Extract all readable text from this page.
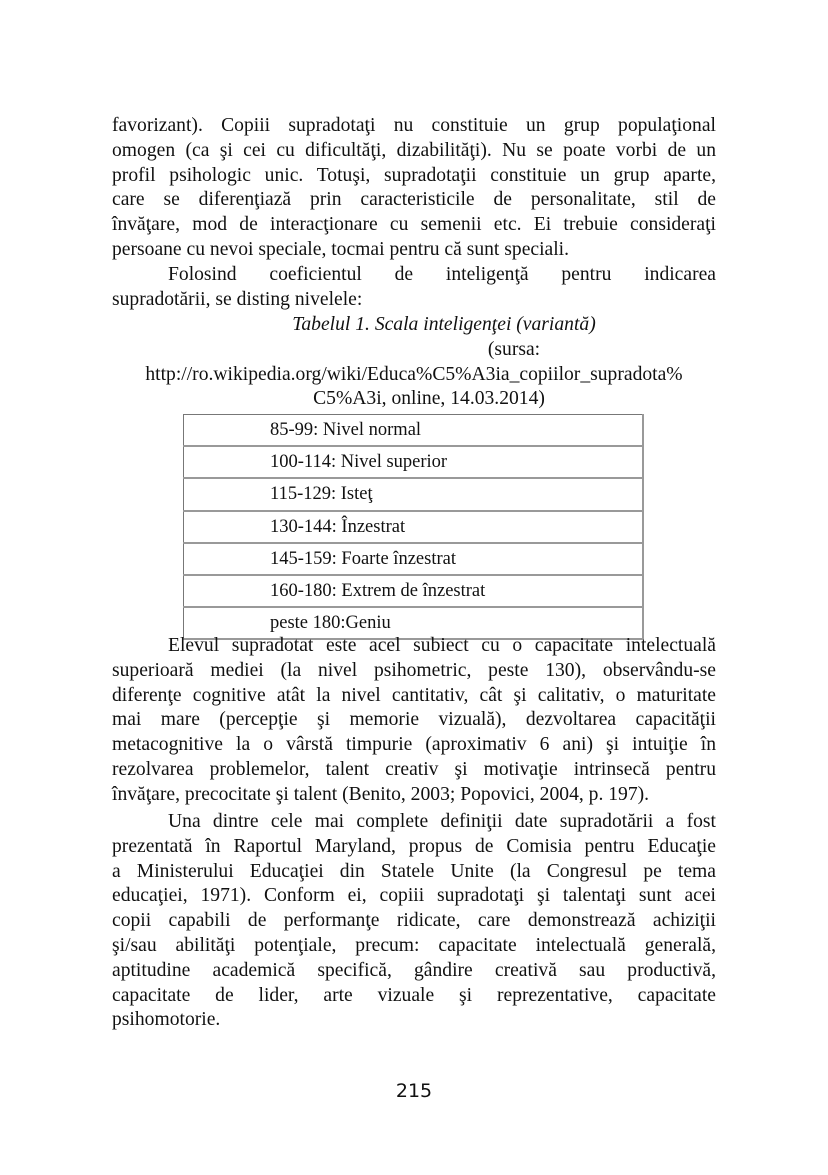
favorizant). Copiii supradotaţi nu constituie un grup populaţional
omogen (ca şi cei cu dificultăţi, dizabilităţi). Nu se poate vorbi de un
profil psihologic unic. Totuşi, supradotaţii constituie un grup aparte,
care se diferenţiază prin caracteristicile de personalitate, stil de
învăţare, mod de interacţionare cu semenii etc. Ei trebuie consideraţi
persoane cu nevoi speciale, tocmai pentru că sunt speciali.
Folosind coeficientul de inteligenţă pentru indicarea
supradotării, se disting nivelele:
Tabelul 1. Scala inteligenţei (variantă)
(sursa:
http://ro.wikipedia.org/wiki/Educa%C5%A3ia_copiilor_supradota%
C5%A3i, online, 14.03.2014)
85-99: Nivel normal
100-114: Nivel superior
115-129: Isteţ
130-144: Înzestrat
145-159: Foarte înzestrat
160-180: Extrem de înzestrat
peste 180:Geniu
Elevul supradotat este acel subiect cu o capacitate intelectuală
superioară mediei (la nivel psihometric, peste 130), observându-se
diferenţe cognitive atât la nivel cantitativ, cât şi calitativ, o maturitate
mai mare (percepţie şi memorie vizuală), dezvoltarea capacităţii
metacognitive la o vârstă timpurie (aproximativ 6 ani) şi intuiţie în
rezolvarea problemelor, talent creativ şi motivaţie intrinsecă pentru
învăţare, precocitate şi talent (Benito, 2003; Popovici, 2004, p. 197).
Una dintre cele mai complete definiţii date supradotării a fost
prezentată în Raportul Maryland, propus de Comisia pentru Educaţie
a Ministerului Educaţiei din Statele Unite (la Congresul pe tema
educaţiei, 1971). Conform ei, copiii supradotaţi şi talentaţi sunt acei
copii capabili de performanţe ridicate, care demonstrează achiziţii
şi/sau abilităţi potenţiale, precum: capacitate intelectuală generală,
aptitudine academică specifică, gândire creativă sau productivă,
capacitate de lider, arte vizuale şi reprezentative, capacitate
psihomotorie.
215
